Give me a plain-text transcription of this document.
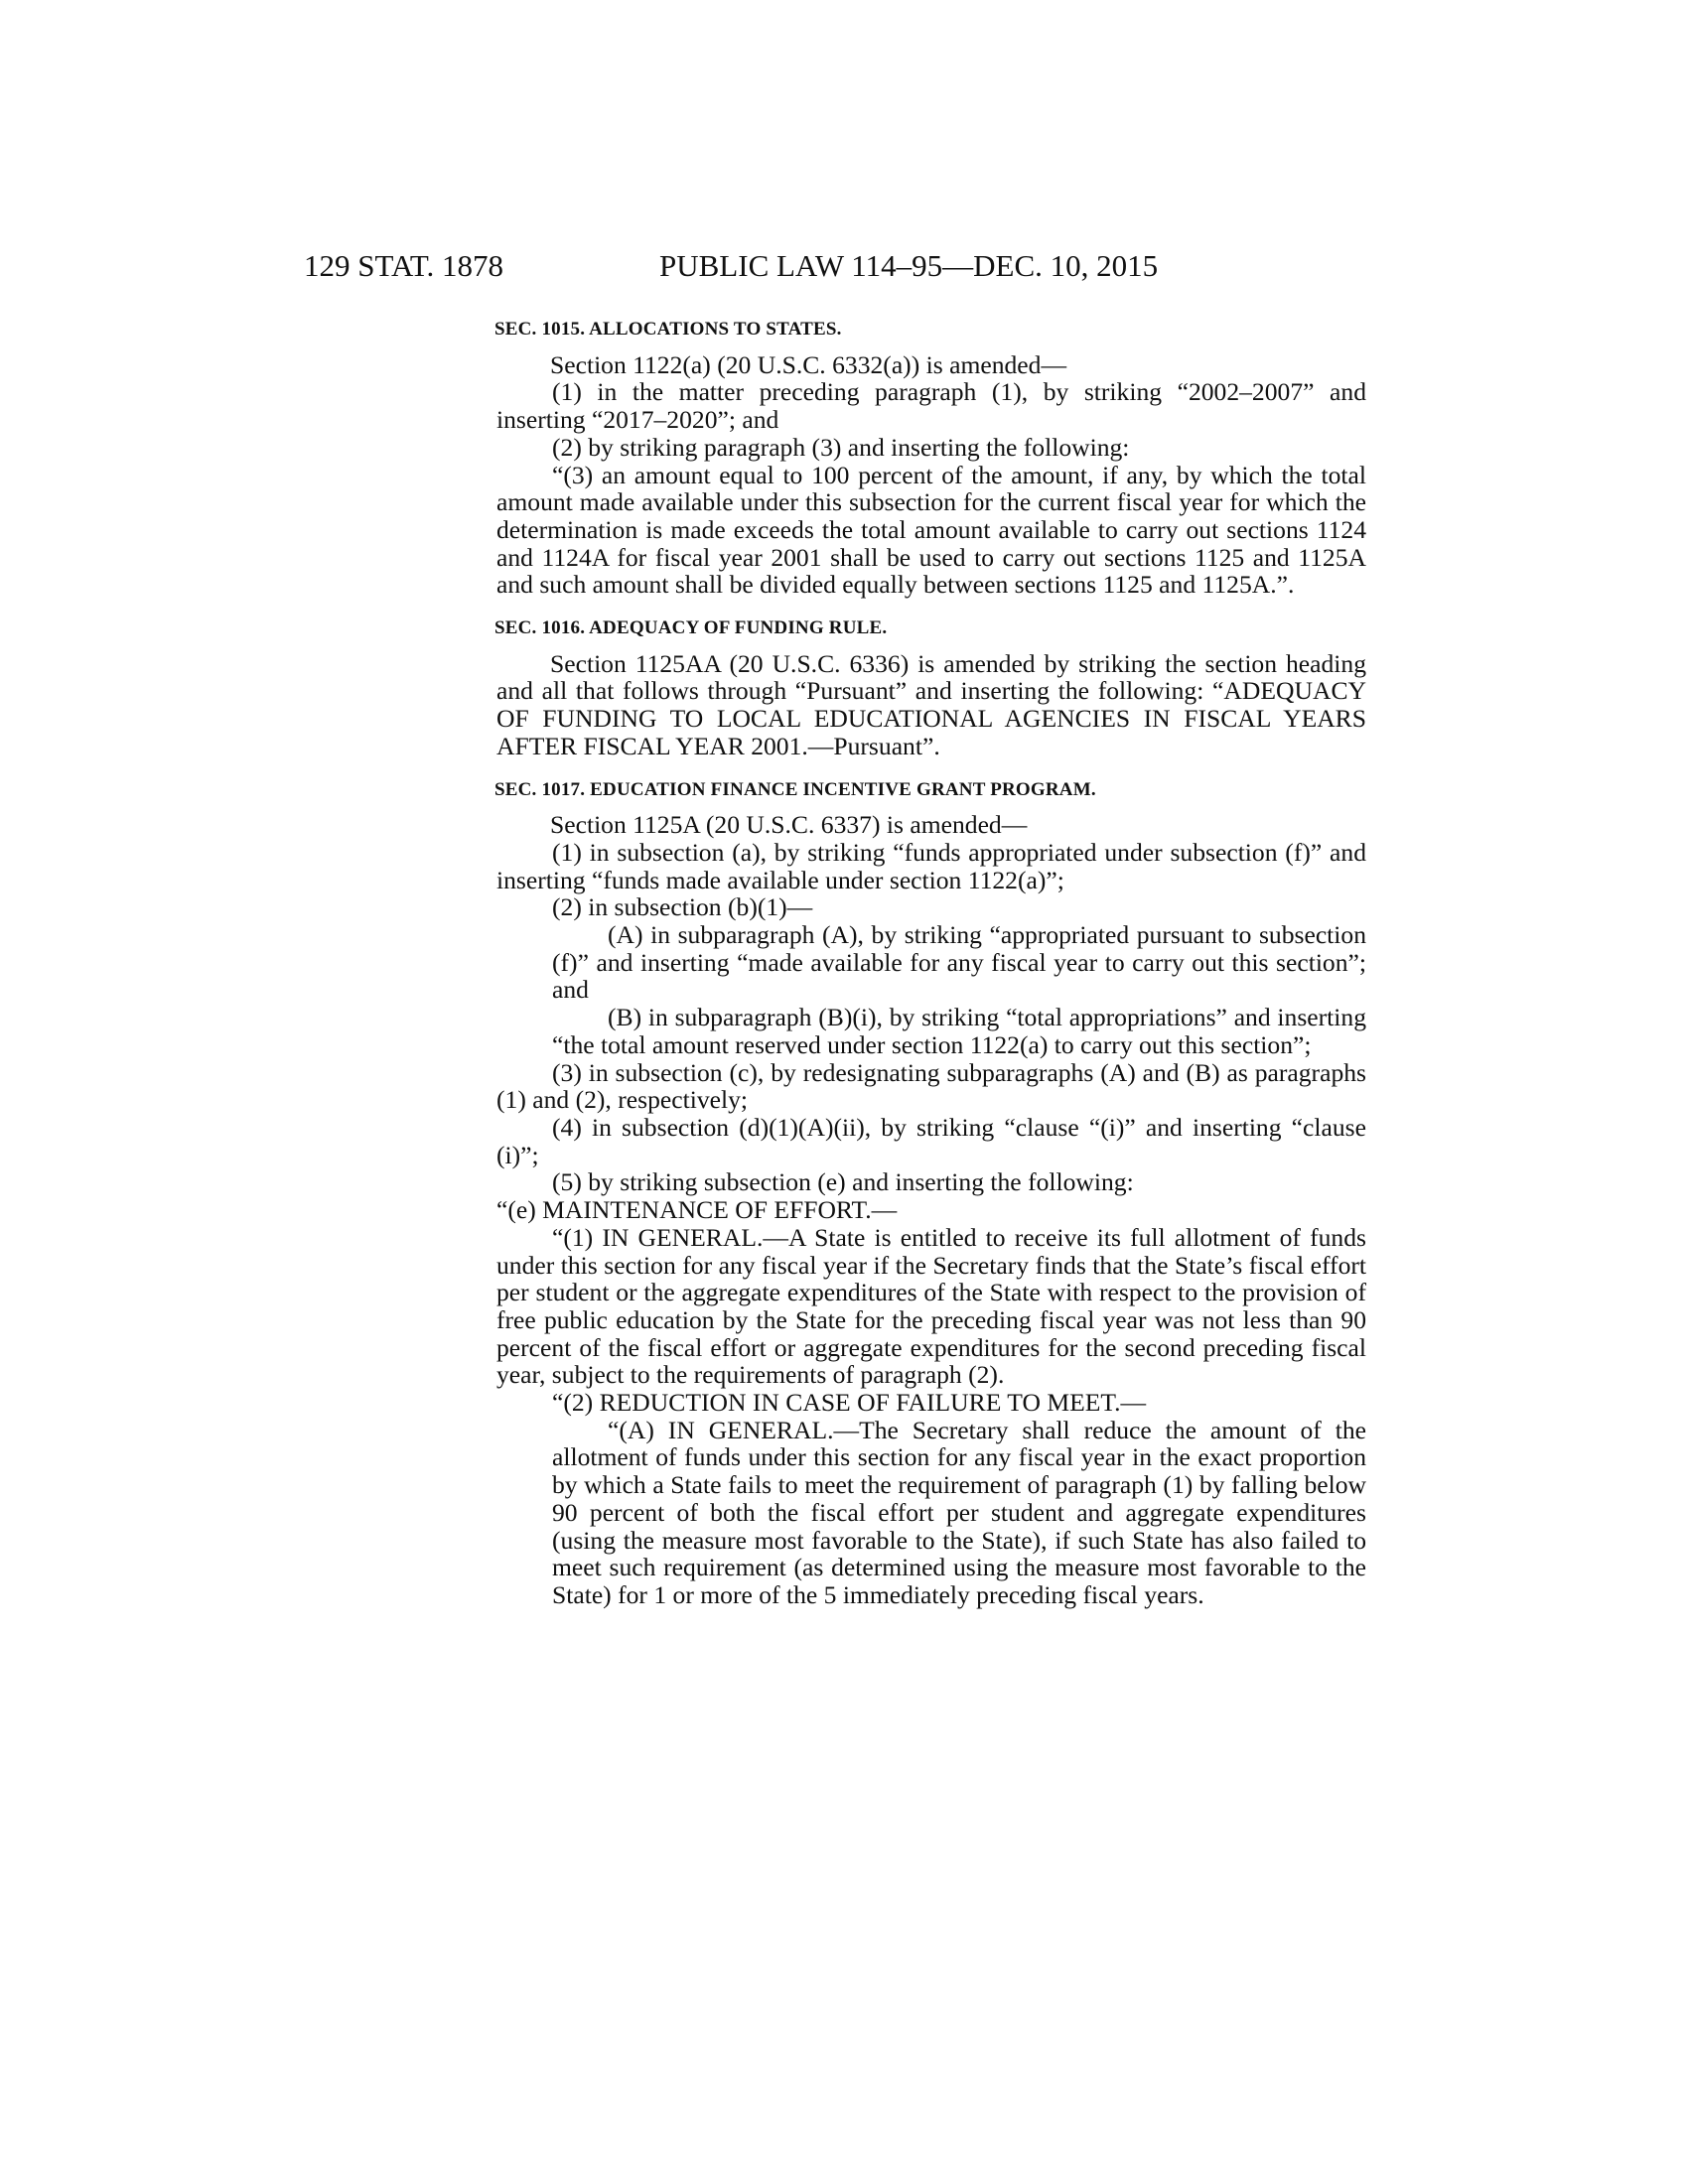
129 STAT. 1878	PUBLIC LAW 114–95—DEC. 10, 2015

SEC. 1015. ALLOCATIONS TO STATES.

Section 1122(a) (20 U.S.C. 6332(a)) is amended—

(1) in the matter preceding paragraph (1), by striking “2002–2007” and inserting “2017–2020”; and

(2) by striking paragraph (3) and inserting the following:

“(3) an amount equal to 100 percent of the amount, if any, by which the total amount made available under this subsection for the current fiscal year for which the determination is made exceeds the total amount available to carry out sections 1124 and 1124A for fiscal year 2001 shall be used to carry out sections 1125 and 1125A and such amount shall be divided equally between sections 1125 and 1125A.”.

SEC. 1016. ADEQUACY OF FUNDING RULE.

Section 1125AA (20 U.S.C. 6336) is amended by striking the section heading and all that follows through “Pursuant” and inserting the following: “ADEQUACY OF FUNDING TO LOCAL EDUCATIONAL AGENCIES IN FISCAL YEARS AFTER FISCAL YEAR 2001.—Pursuant”.

SEC. 1017. EDUCATION FINANCE INCENTIVE GRANT PROGRAM.

Section 1125A (20 U.S.C. 6337) is amended—

(1) in subsection (a), by striking “funds appropriated under subsection (f)” and inserting “funds made available under section 1122(a)”;

(2) in subsection (b)(1)—

(A) in subparagraph (A), by striking “appropriated pursuant to subsection (f)” and inserting “made available for any fiscal year to carry out this section”; and

(B) in subparagraph (B)(i), by striking “total appropriations” and inserting “the total amount reserved under section 1122(a) to carry out this section”;

(3) in subsection (c), by redesignating subparagraphs (A) and (B) as paragraphs (1) and (2), respectively;

(4) in subsection (d)(1)(A)(ii), by striking “clause “(i)” and inserting “clause (i)”;

(5) by striking subsection (e) and inserting the following:

“(e) MAINTENANCE OF EFFORT.—

“(1) IN GENERAL.—A State is entitled to receive its full allotment of funds under this section for any fiscal year if the Secretary finds that the State’s fiscal effort per student or the aggregate expenditures of the State with respect to the provision of free public education by the State for the preceding fiscal year was not less than 90 percent of the fiscal effort or aggregate expenditures for the second preceding fiscal year, subject to the requirements of paragraph (2).

“(2) REDUCTION IN CASE OF FAILURE TO MEET.—

“(A) IN GENERAL.—The Secretary shall reduce the amount of the allotment of funds under this section for any fiscal year in the exact proportion by which a State fails to meet the requirement of paragraph (1) by falling below 90 percent of both the fiscal effort per student and aggregate expenditures (using the measure most favorable to the State), if such State has also failed to meet such requirement (as determined using the measure most favorable to the State) for 1 or more of the 5 immediately preceding fiscal years.
